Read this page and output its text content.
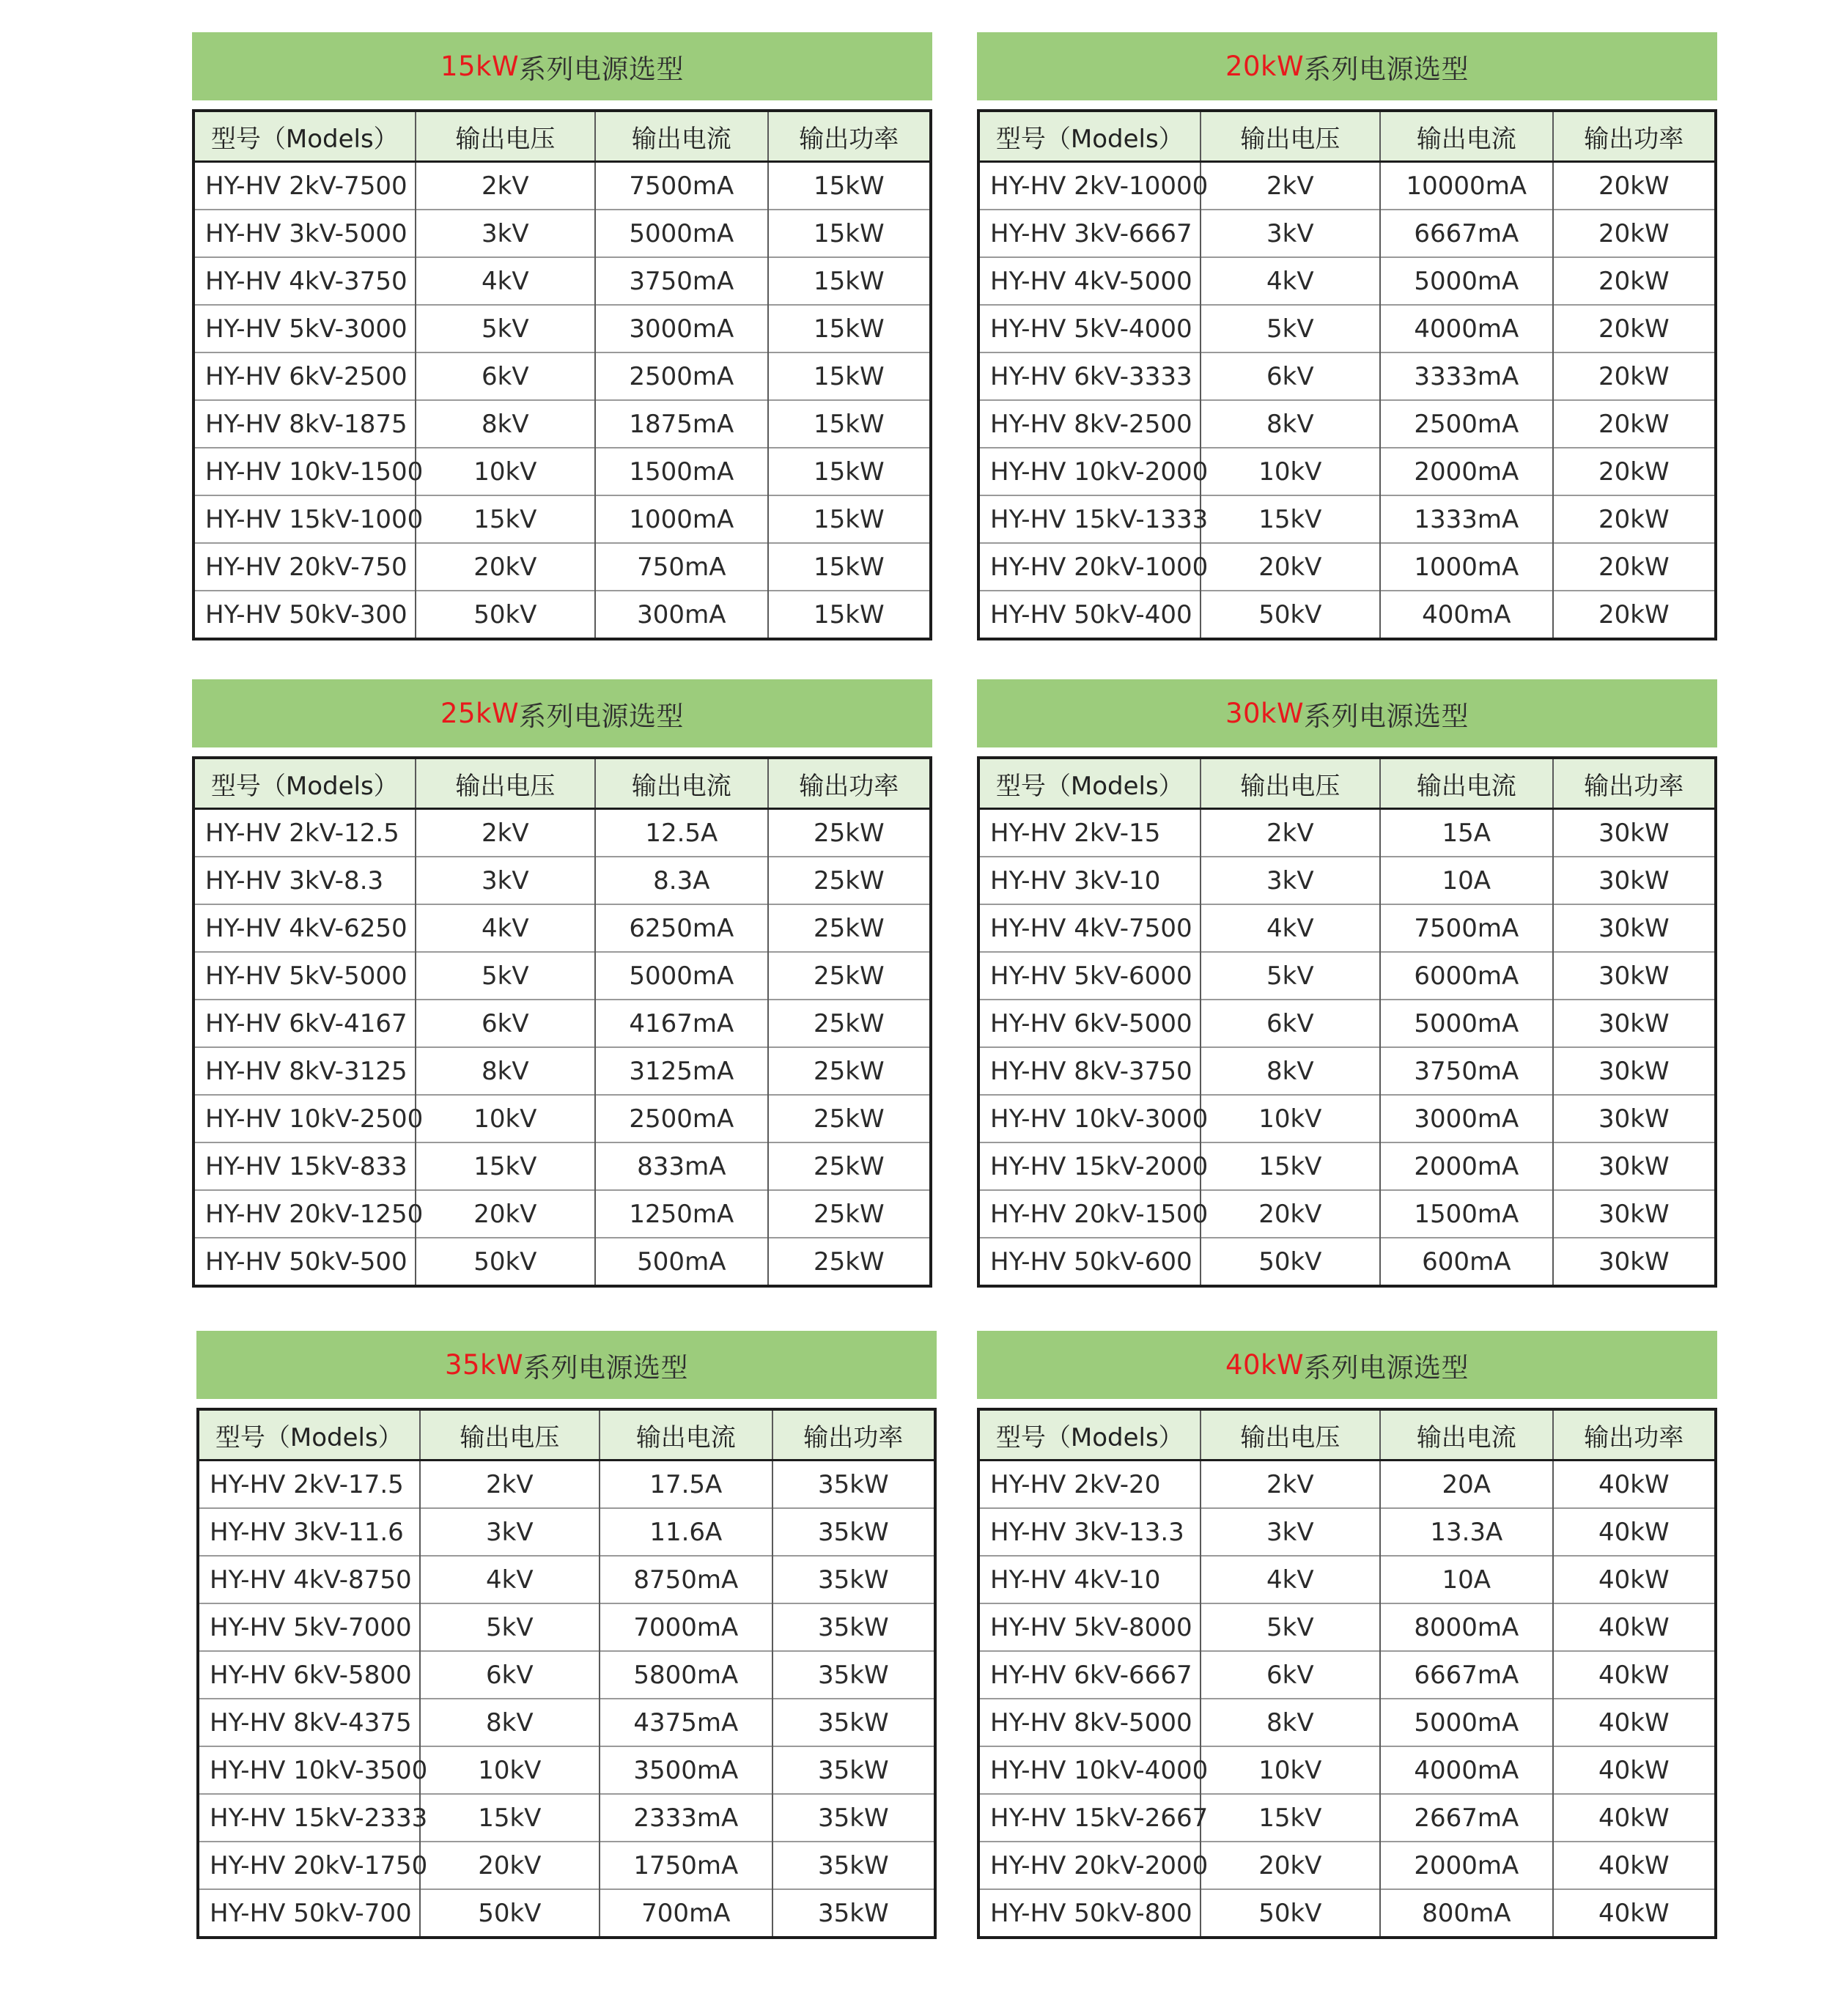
15kW 系列电源选型
型号（Models）	输出电压	输出电流	输出功率
HY-HV 2kV-7500	2kV	7500mA	15kW
HY-HV 3kV-5000	3kV	5000mA	15kW
HY-HV 4kV-3750	4kV	3750mA	15kW
HY-HV 5kV-3000	5kV	3000mA	15kW
HY-HV 6kV-2500	6kV	2500mA	15kW
HY-HV 8kV-1875	8kV	1875mA	15kW
HY-HV 10kV-1500	10kV	1500mA	15kW
HY-HV 15kV-1000	15kV	1000mA	15kW
HY-HV 20kV-750	20kV	750mA	15kW
HY-HV 50kV-300	50kV	300mA	15kW
20kW 系列电源选型
型号（Models）	输出电压	输出电流	输出功率
HY-HV 2kV-10000	2kV	10000mA	20kW
HY-HV 3kV-6667	3kV	6667mA	20kW
HY-HV 4kV-5000	4kV	5000mA	20kW
HY-HV 5kV-4000	5kV	4000mA	20kW
HY-HV 6kV-3333	6kV	3333mA	20kW
HY-HV 8kV-2500	8kV	2500mA	20kW
HY-HV 10kV-2000	10kV	2000mA	20kW
HY-HV 15kV-1333	15kV	1333mA	20kW
HY-HV 20kV-1000	20kV	1000mA	20kW
HY-HV 50kV-400	50kV	400mA	20kW
25kW 系列电源选型
型号（Models）	输出电压	输出电流	输出功率
HY-HV 2kV-12.5	2kV	12.5A	25kW
HY-HV 3kV-8.3	3kV	8.3A	25kW
HY-HV 4kV-6250	4kV	6250mA	25kW
HY-HV 5kV-5000	5kV	5000mA	25kW
HY-HV 6kV-4167	6kV	4167mA	25kW
HY-HV 8kV-3125	8kV	3125mA	25kW
HY-HV 10kV-2500	10kV	2500mA	25kW
HY-HV 15kV-833	15kV	833mA	25kW
HY-HV 20kV-1250	20kV	1250mA	25kW
HY-HV 50kV-500	50kV	500mA	25kW
30kW 系列电源选型
型号（Models）	输出电压	输出电流	输出功率
HY-HV 2kV-15	2kV	15A	30kW
HY-HV 3kV-10	3kV	10A	30kW
HY-HV 4kV-7500	4kV	7500mA	30kW
HY-HV 5kV-6000	5kV	6000mA	30kW
HY-HV 6kV-5000	6kV	5000mA	30kW
HY-HV 8kV-3750	8kV	3750mA	30kW
HY-HV 10kV-3000	10kV	3000mA	30kW
HY-HV 15kV-2000	15kV	2000mA	30kW
HY-HV 20kV-1500	20kV	1500mA	30kW
HY-HV 50kV-600	50kV	600mA	30kW
35kW 系列电源选型
型号（Models）	输出电压	输出电流	输出功率
HY-HV 2kV-17.5	2kV	17.5A	35kW
HY-HV 3kV-11.6	3kV	11.6A	35kW
HY-HV 4kV-8750	4kV	8750mA	35kW
HY-HV 5kV-7000	5kV	7000mA	35kW
HY-HV 6kV-5800	6kV	5800mA	35kW
HY-HV 8kV-4375	8kV	4375mA	35kW
HY-HV 10kV-3500	10kV	3500mA	35kW
HY-HV 15kV-2333	15kV	2333mA	35kW
HY-HV 20kV-1750	20kV	1750mA	35kW
HY-HV 50kV-700	50kV	700mA	35kW
40kW 系列电源选型
型号（Models）	输出电压	输出电流	输出功率
HY-HV 2kV-20	2kV	20A	40kW
HY-HV 3kV-13.3	3kV	13.3A	40kW
HY-HV 4kV-10	4kV	10A	40kW
HY-HV 5kV-8000	5kV	8000mA	40kW
HY-HV 6kV-6667	6kV	6667mA	40kW
HY-HV 8kV-5000	8kV	5000mA	40kW
HY-HV 10kV-4000	10kV	4000mA	40kW
HY-HV 15kV-2667	15kV	2667mA	40kW
HY-HV 20kV-2000	20kV	2000mA	40kW
HY-HV 50kV-800	50kV	800mA	40kW
